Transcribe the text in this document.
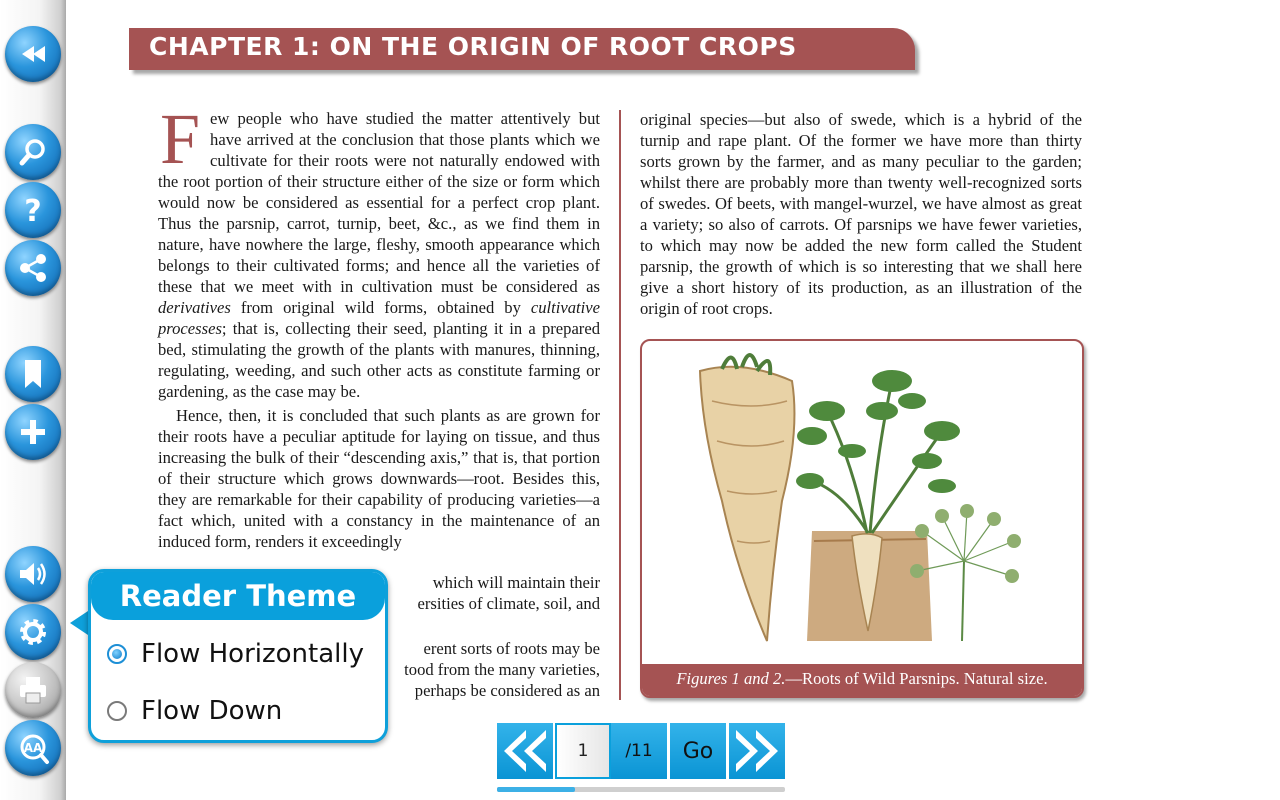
?
AA
CHAPTER 1: ON THE ORIGIN OF ROOT CROPS

Few people who have studied the matter attentively but have arrived at the conclusion that those plants which we cultivate for their roots were not naturally endowed with the root portion of their structure either of the size or form which would now be considered as essential for a perfect crop plant. Thus the parsnip, carrot, turnip, beet, &c., as we find them in nature, have nowhere the large, fleshy, smooth appearance which belongs to their cultivated forms; and hence all the varieties of these that we meet with in cultivation must be considered as derivatives from original wild forms, obtained by cultivative processes; that is, collecting their seed, planting it in a prepared bed, stimulating the growth of the plants with manures, thinning, regulating, weeding, and such other acts as constitute farming or gardening, as the case may be.

Hence, then, it is concluded that such plants as are grown for their roots have a peculiar aptitude for laying on tissue, and thus increasing the bulk of their “descending axis,” that is, that portion of their structure which grows downwards—root. Besides this, they are remarkable for their capability of producing varieties—a fact which, united with a constancy in the maintenance of an induced form, renders it exceedingly

which will maintain their
ersities of climate, soil, and
erent sorts of roots may be
tood from the many varieties,
perhaps be considered as an

original species—but also of swede, which is a hybrid of the turnip and rape plant. Of the former we have more than thirty sorts grown by the farmer, and as many peculiar to the garden; whilst there are probably more than twenty well-recognized sorts of swedes. Of beets, with mangel-wurzel, we have almost as great a variety; so also of carrots. Of parsnips we have fewer varieties, to which may now be added the new form called the Student parsnip, the growth of which is so interesting that we shall here give a short history of its production, as an illustration of the origin of root crops.

Figures 1 and 2.—Roots of Wild Parsnips. Natural size.
Reader Theme
Flow Horizontally
Flow Down
1	/11	Go
